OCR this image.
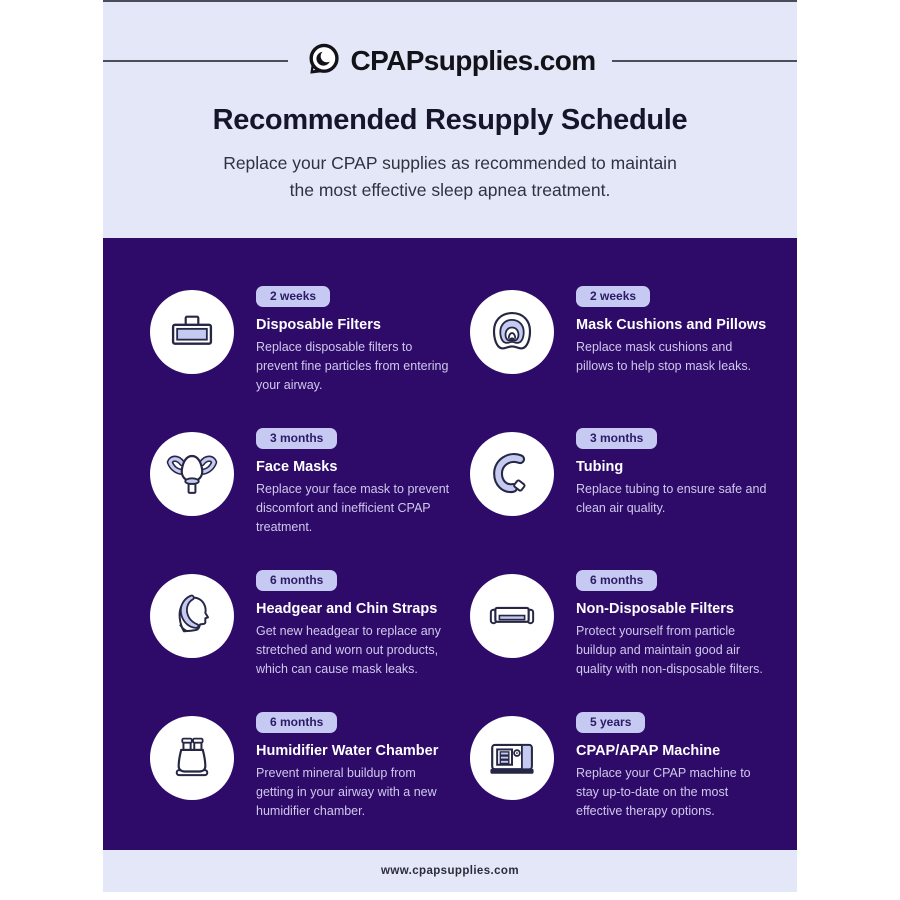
CPAPsupplies.com
Recommended Resupply Schedule
Replace your CPAP supplies as recommended to maintain
the most effective sleep apnea treatment.
2 weeks
Disposable Filters
Replace disposable filters to prevent fine particles from entering your airway.
2 weeks
Mask Cushions and Pillows
Replace mask cushions and pillows to help stop mask leaks.
3 months
Face Masks
Replace your face mask to prevent discomfort and inefficient CPAP treatment.
3 months
Tubing
Replace tubing to ensure safe and clean air quality.
6 months
Headgear and Chin Straps
Get new headgear to replace any stretched and worn out products, which can cause mask leaks.
6 months
Non-Disposable Filters
Protect yourself from particle buildup and maintain good air quality with non-disposable filters.
6 months
Humidifier Water Chamber
Prevent mineral buildup from getting in your airway with a new humidifier chamber.
5 years
CPAP/APAP Machine
Replace your CPAP machine to stay up-to-date on the most effective therapy options.
www.cpapsupplies.com
